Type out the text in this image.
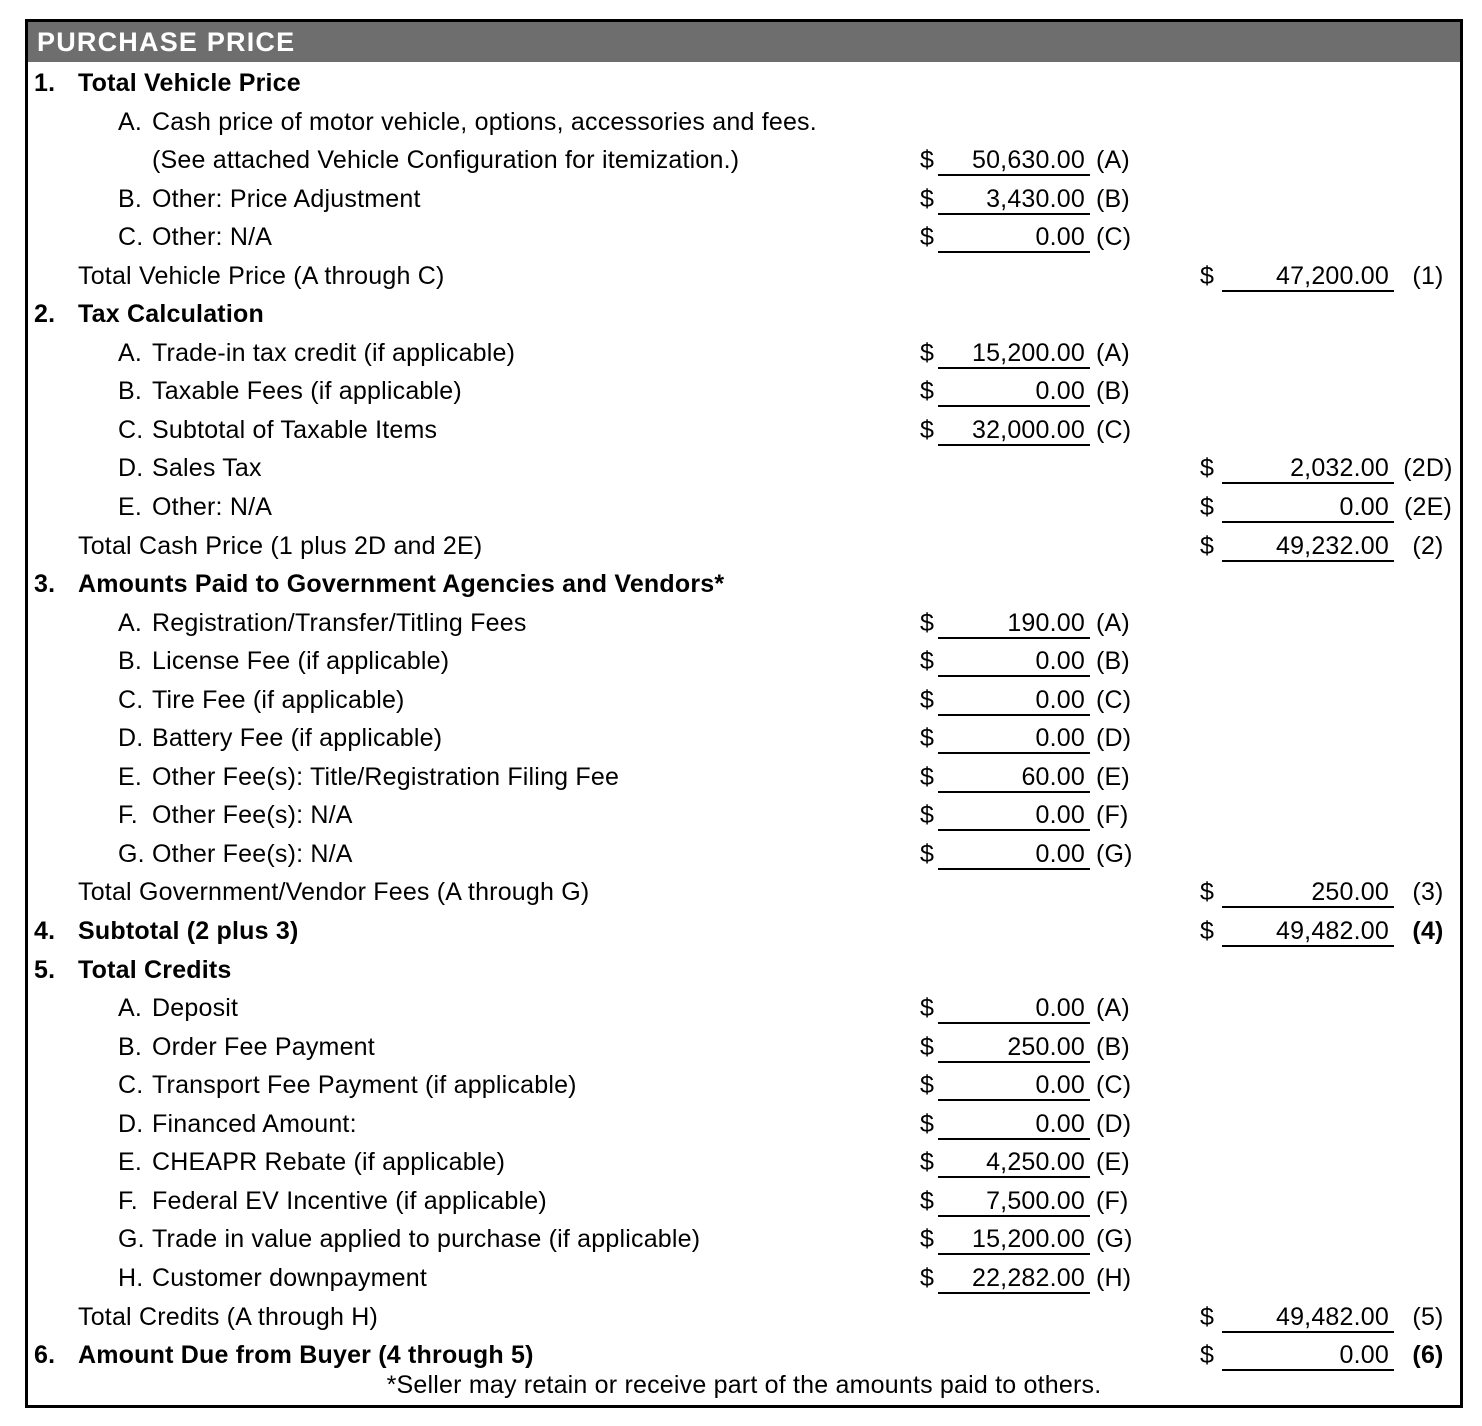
PURCHASE PRICE
1. Total Vehicle Price
A. Cash price of motor vehicle, options, accessories and fees.
(See attached Vehicle Configuration for itemization.)	$	50,630.00 (A)
B. Other: Price Adjustment	$	3,430.00 (B)
C. Other: N/A	$	0.00 (C)
Total Vehicle Price (A through C)	$	47,200.00 (1)
2. Tax Calculation
A. Trade-in tax credit (if applicable)	$	15,200.00 (A)
B. Taxable Fees (if applicable)	$	0.00 (B)
C. Subtotal of Taxable Items	$	32,000.00 (C)
D. Sales Tax	$	2,032.00 (2D)
E. Other: N/A	$	0.00 (2E)
Total Cash Price (1 plus 2D and 2E)	$	49,232.00 (2)
3. Amounts Paid to Government Agencies and Vendors*
A. Registration/Transfer/Titling Fees	$	190.00 (A)
B. License Fee (if applicable)	$	0.00 (B)
C. Tire Fee (if applicable)	$	0.00 (C)
D. Battery Fee (if applicable)	$	0.00 (D)
E. Other Fee(s): Title/Registration Filing Fee	$	60.00 (E)
F. Other Fee(s): N/A	$	0.00 (F)
G. Other Fee(s): N/A	$	0.00 (G)
Total Government/Vendor Fees (A through G)	$	250.00 (3)
4. Subtotal (2 plus 3)	$	49,482.00 (4)
5. Total Credits
A. Deposit	$	0.00 (A)
B. Order Fee Payment	$	250.00 (B)
C. Transport Fee Payment (if applicable)	$	0.00 (C)
D. Financed Amount:	$	0.00 (D)
E. CHEAPR Rebate (if applicable)	$	4,250.00 (E)
F. Federal EV Incentive (if applicable)	$	7,500.00 (F)
G. Trade in value applied to purchase (if applicable)	$	15,200.00 (G)
H. Customer downpayment	$	22,282.00 (H)
Total Credits (A through H)	$	49,482.00 (5)
6. Amount Due from Buyer (4 through 5)	$	0.00 (6)
*Seller may retain or receive part of the amounts paid to others.
